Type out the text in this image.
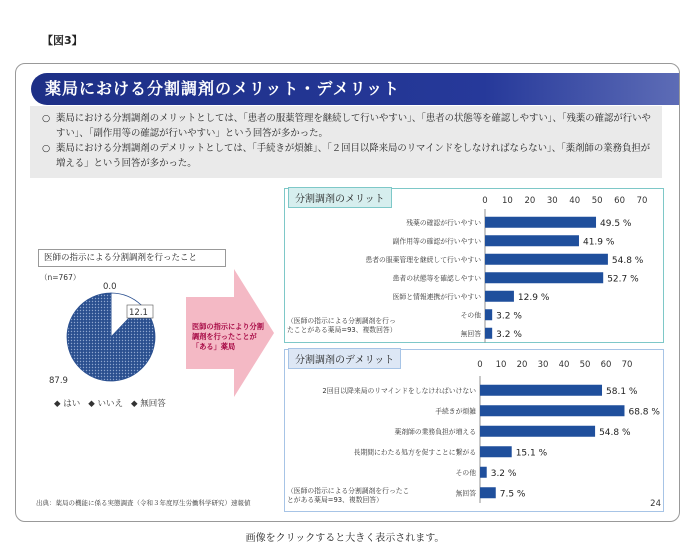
【図3】
薬局における分割調剤のメリット・デメリット

○ 薬局における分割調剤のメリットとしては、「患者の服薬管理を継続して行いやすい」、「患者の状態等を確認しやすい」、「残薬の確認が行いやすい」、「副作用等の確認が行いやすい」という回答が多かった。

○ 薬局における分割調剤のデメリットとしては、「手続きが煩雑」、「２回目以降来局のリマインドをしなければならない」、「薬剤師の業務負担が増える」という回答が多かった。

医師の指示による分割調剤を行ったこと
（n=767）
12.1
87.9
0.0
◆ はい ◆ いいえ ◆ 無回答
医師の指示により分割調剤を行ったことが「ある」薬局
0 10 20 30 40 50 60 70
49.5 %
残薬の確認が行いやすい
41.9 %
副作用等の確認が行いやすい
54.8 %
患者の服薬管理を継続して行いやすい
52.7 %
患者の状態等を確認しやすい
12.9 %
医師と情報連携が行いやすい
3.2 %
その他
3.2 %
無回答
分割調剤のメリット
（医師の指示による分割調剤を行ったことがある薬局=93、複数回答）
0 10 20 30 40 50 60 70
58.1 %
2回目以降来局のリマインドをしなければいけない
68.8 %
手続きが煩雑
54.8 %
薬剤師の業務負担が増える
15.1 %
長期間にわたる処方を促すことに繋がる
3.2 %
その他
7.5 %
無回答
分割調剤のデメリット
（医師の指示による分割調剤を行ったことがある薬局=93、複数回答）
出典：薬局の機能に係る実態調査（令和３年度厚生労働科学研究）速報値	24
画像をクリックすると大きく表示されます。
